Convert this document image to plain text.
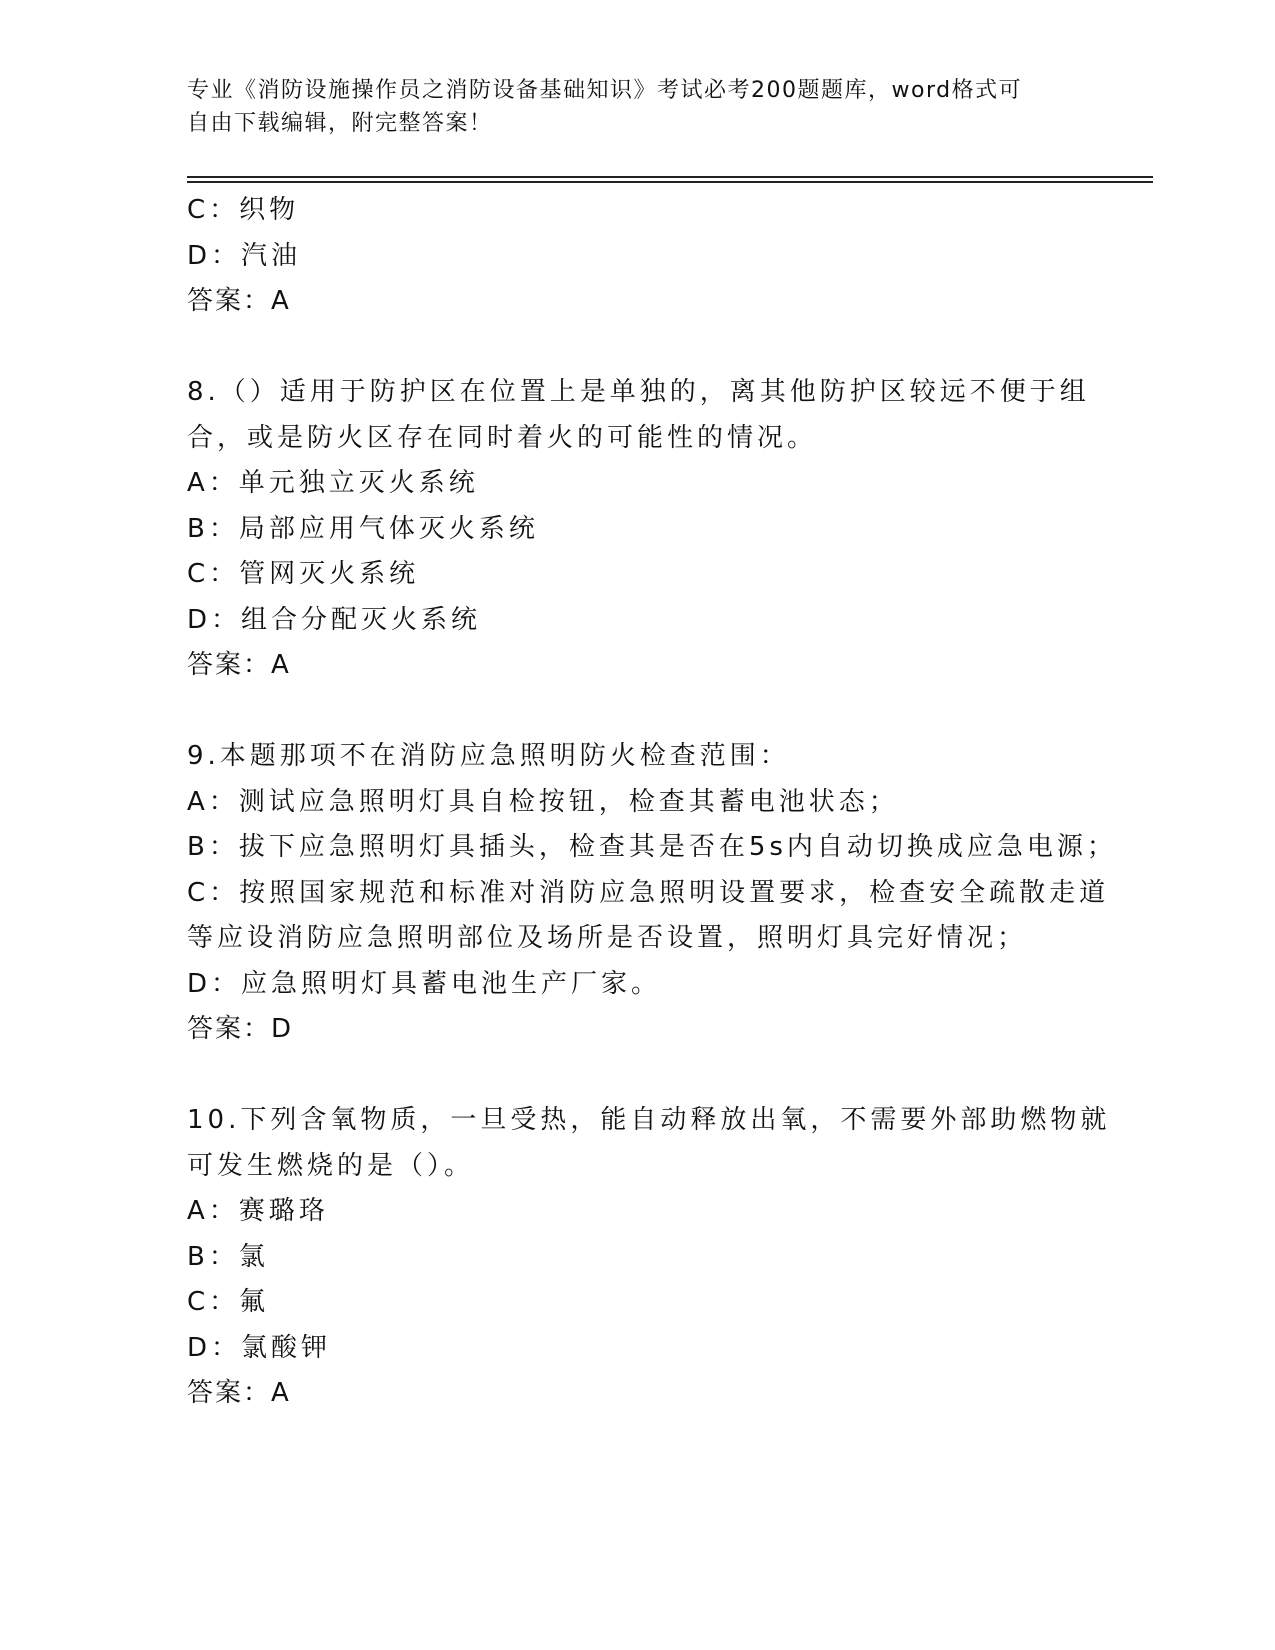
专业《消防设施操作员之消防设备基础知识》考试必考200题题库，word格式可
自由下载编辑，附完整答案！
C：织物
D：汽油
答案：A
8.（）适用于防护区在位置上是单独的，离其他防护区较远不便于组
合，或是防火区存在同时着火的可能性的情况。
A：单元独立灭火系统
B：局部应用气体灭火系统
C：管网灭火系统
D：组合分配灭火系统
答案：A
9.本题那项不在消防应急照明防火检查范围：
A：测试应急照明灯具自检按钮，检查其蓄电池状态；
B：拔下应急照明灯具插头，检查其是否在5s内自动切换成应急电源；
C：按照国家规范和标准对消防应急照明设置要求，检查安全疏散走道
等应设消防应急照明部位及场所是否设置，照明灯具完好情况；
D：应急照明灯具蓄电池生产厂家。
答案：D
10.下列含氧物质，一旦受热，能自动释放出氧，不需要外部助燃物就
可发生燃烧的是（）。
A：赛璐珞
B：氯
C：氟
D：氯酸钾
答案：A
